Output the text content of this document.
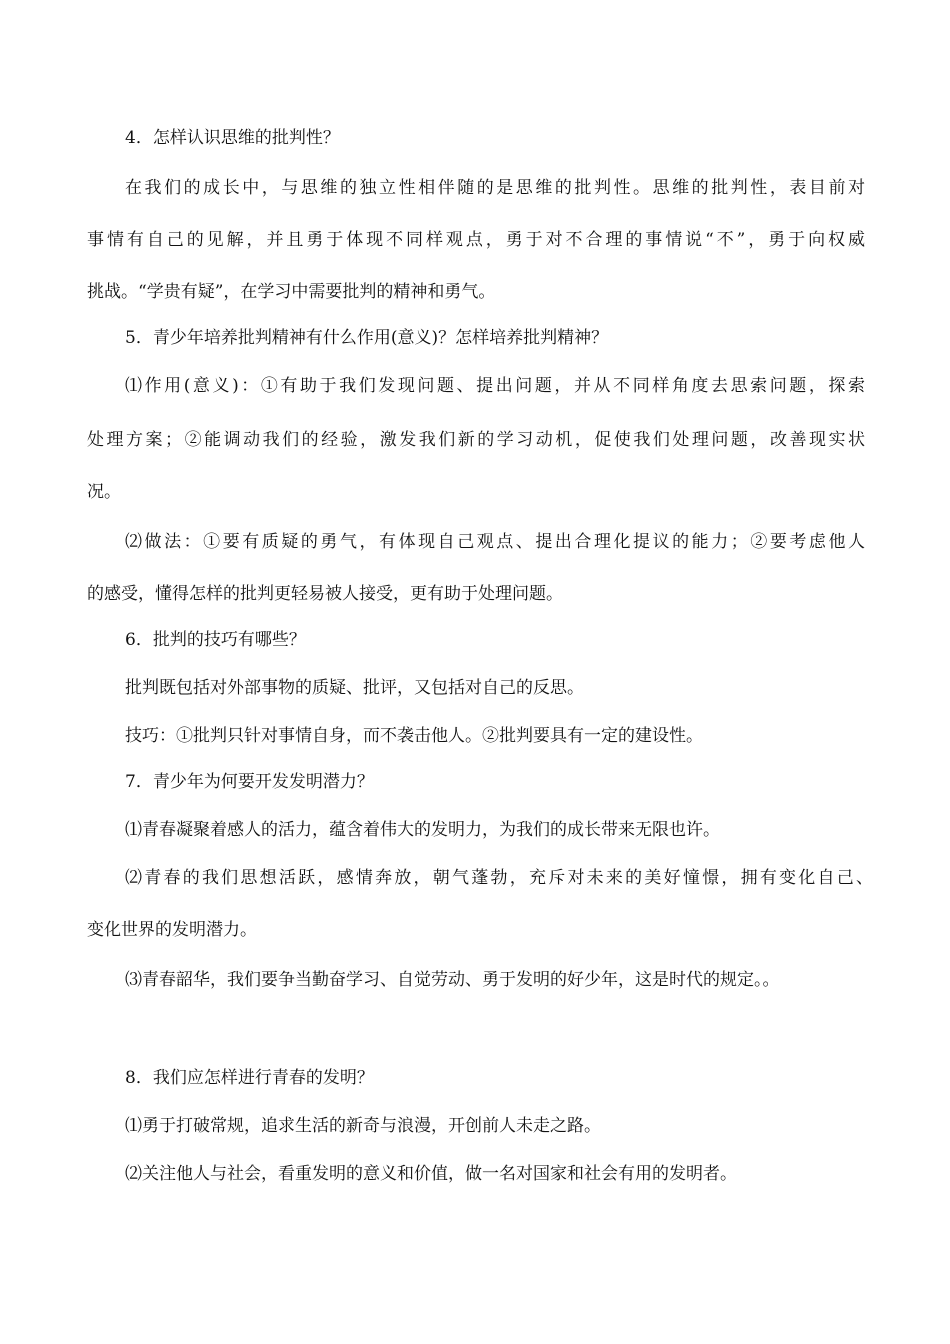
4．怎样认识思维的批判性？
在我们的成长中，与思维的独立性相伴随的是思维的批判性。思维的批判性，表目前对
事情有自己的见解，并且勇于体现不同样观点，勇于对不合理的事情说“不”，勇于向权威
挑战。“学贵有疑”，在学习中需要批判的精神和勇气。
5．青少年培养批判精神有什么作用(意义)？怎样培养批判精神？
⑴作用(意义)：①有助于我们发现问题、提出问题，并从不同样角度去思索问题，探索
处理方案；②能调动我们的经验，激发我们新的学习动机，促使我们处理问题，改善现实状
况。
⑵做法：①要有质疑的勇气，有体现自己观点、提出合理化提议的能力；②要考虑他人
的感受，懂得怎样的批判更轻易被人接受，更有助于处理问题。
6．批判的技巧有哪些？
批判既包括对外部事物的质疑、批评，又包括对自己的反思。
技巧：①批判只针对事情自身，而不袭击他人。②批判要具有一定的建设性。
7．青少年为何要开发发明潜力？
⑴青春凝聚着感人的活力，蕴含着伟大的发明力，为我们的成长带来无限也许。
⑵青春的我们思想活跃，感情奔放，朝气蓬勃，充斥对未来的美好憧憬，拥有变化自己、
变化世界的发明潜力。
⑶青春韶华，我们要争当勤奋学习、自觉劳动、勇于发明的好少年，这是时代的规定。。
8．我们应怎样进行青春的发明？
⑴勇于打破常规，追求生活的新奇与浪漫，开创前人未走之路。
⑵关注他人与社会，看重发明的意义和价值，做一名对国家和社会有用的发明者。
